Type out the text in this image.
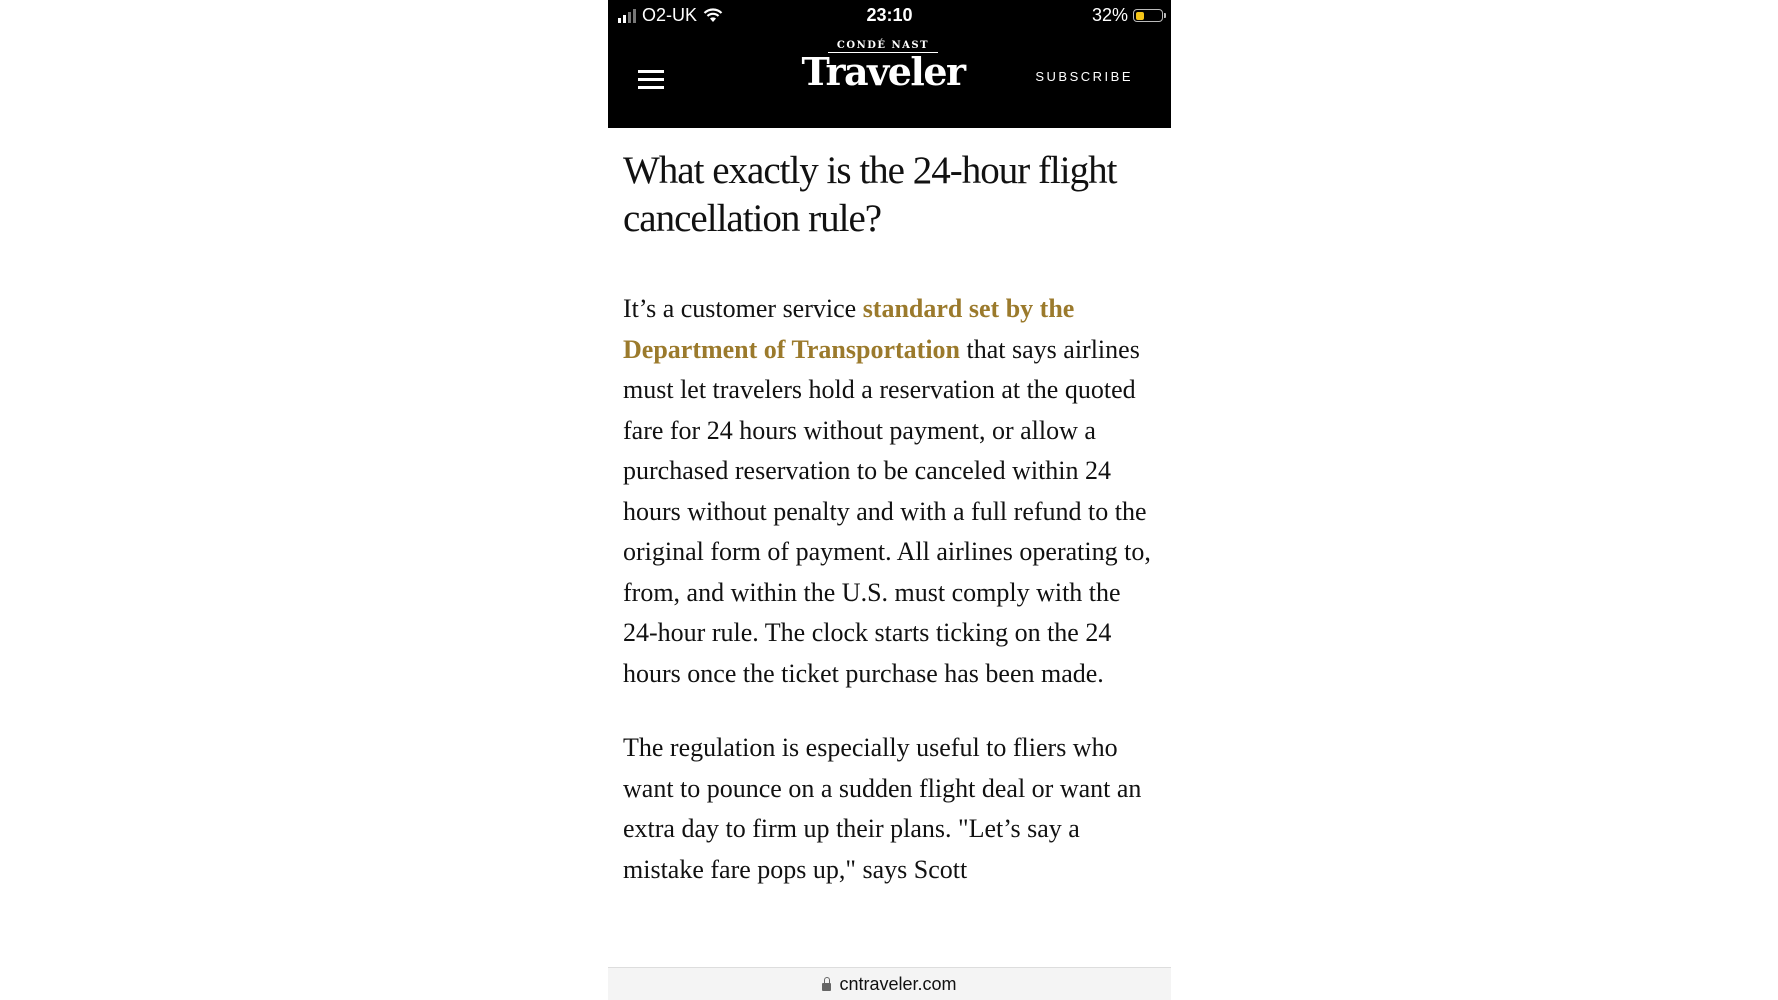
O2-UK	23:10	32%
CONDÉ NAST
Traveler	SUBSCRIBE
What exactly is the 24-hour flight cancellation rule?

It’s a customer service standard set by the Department of Transportation that says airlines must let travelers hold a reservation at the quoted fare for 24 hours without payment, or allow a purchased reservation to be canceled within 24 hours without penalty and with a full refund to the original form of payment. All airlines operating to, from, and within the U.S. must comply with the 24-hour rule. The clock starts ticking on the 24 hours once the ticket purchase has been made.

The regulation is especially useful to fliers who want to pounce on a sudden flight deal or want an extra day to firm up their plans. "Let’s say a mistake fare pops up," says Scott

cntraveler.com
